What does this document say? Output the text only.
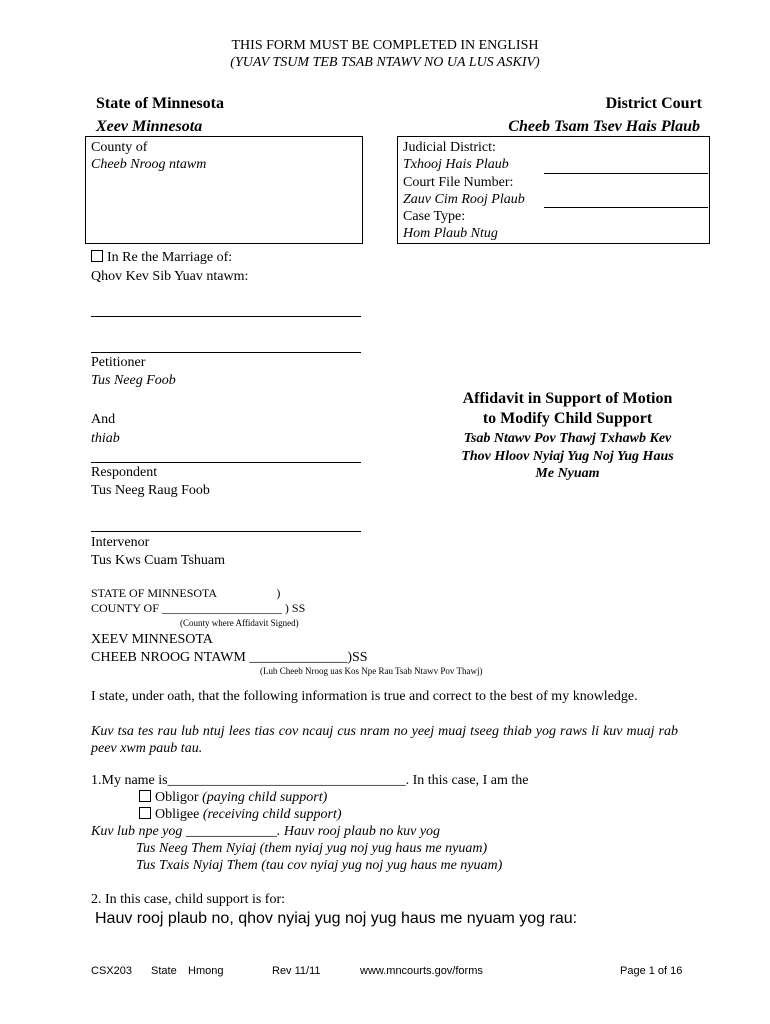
THIS FORM MUST BE COMPLETED IN ENGLISH
(YUAV TSUM TEB TSAB NTAWV NO UA LUS ASKIV)
State of Minnesota
Xeev Minnesota
District Court
Cheeb Tsam Tsev Hais Plaub
County of
Cheeb Nroog ntawm
Judicial District:
Txhooj Hais Plaub
Court File Number:
Zauv Cim Rooj Plaub
Case Type:
Hom Plaub Ntug
In Re the Marriage of:
Qhov Kev Sib Yuav ntawm:
Petitioner
Tus Neeg Foob
And
thiab
Respondent
Tus Neeg Raug Foob
Intervenor
Tus Kws Cuam Tshuam
Affidavit in Support of Motion
to Modify Child Support
Tsab Ntawv Pov Thawj Txhawb Kev
Thov Hloov Nyiaj Yug Noj Yug Haus
Me Nyuam
STATE OF MINNESOTA                    )
COUNTY OF ____________________ ) SS
(County where Affidavit Signed)
XEEV MINNESOTA
CHEEB NROOG NTAWM ______________)SS
(Lub Cheeb Nroog uas Kos Npe Rau Tsab Ntawv Pov Thawj)
I state, under oath, that the following information is true and correct to the best of my knowledge.
Kuv tsa tes rau lub ntuj lees tias cov ncauj cus nram no yeej muaj tseeg thiab yog raws li kuv muaj rab peev xwm paub tau.
1.My name is__________________________________. In this case, I am the
Obligor (paying child support)
Obligee (receiving child support)
Kuv lub npe yog _____________. Hauv rooj plaub no kuv yog
Tus Neeg Them Nyiaj (them nyiaj yug noj yug haus me nyuam)
Tus Txais Nyiaj Them (tau cov nyiaj yug noj yug haus me nyuam)
2. In this case, child support is for:
Hauv rooj plaub no, qhov nyiaj yug noj yug haus me nyuam yog rau:
CSX203 State Hmong	Rev 11/11	www.mncourts.gov/forms	Page 1 of 16
